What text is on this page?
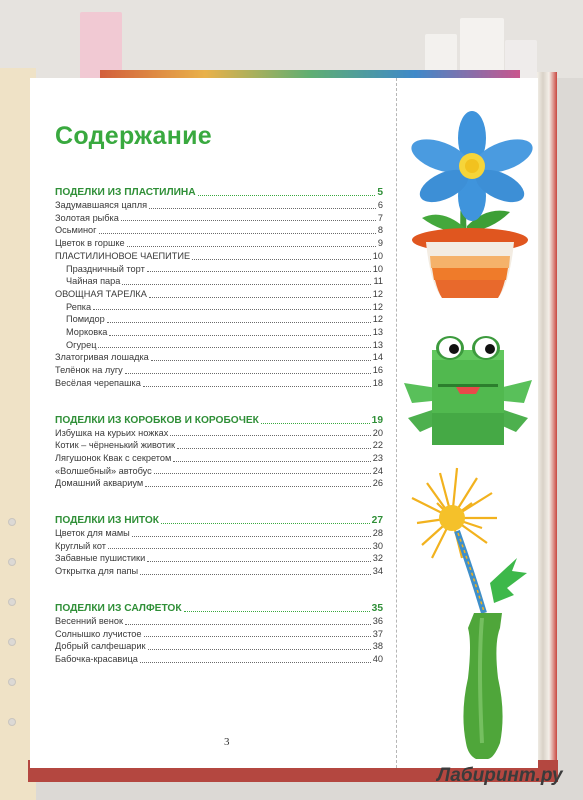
Содержание
ПОДЕЛКИ ИЗ ПЛАСТИЛИНА	5
Задумавшаяся цапля	6
Золотая рыбка	7
Осьминог	8
Цветок в горшке	9
ПЛАСТИЛИНОВОЕ ЧАЕПИТИЕ	10
Праздничный торт	10
Чайная пара	11
ОВОЩНАЯ ТАРЕЛКА	12
Репка	12
Помидор	12
Морковка	13
Огурец	13
Златогривая лошадка	14
Телёнок на лугу	16
Весёлая черепашка	18
ПОДЕЛКИ ИЗ КОРОБКОВ И КОРОБОЧЕК	19
Избушка на курьих ножках	20
Котик – чёрненький животик	22
Лягушонок Квак с секретом	23
«Волшебный» автобус	24
Домашний аквариум	26
ПОДЕЛКИ ИЗ НИТОК	27
Цветок для мамы	28
Круглый кот	30
Забавные пушистики	32
Открытка для папы	34
ПОДЕЛКИ ИЗ САЛФЕТОК	35
Весенний венок	36
Солнышко лучистое	37
Добрый салфешарик	38
Бабочка-красавица	40
3
Лабиринт.ру
